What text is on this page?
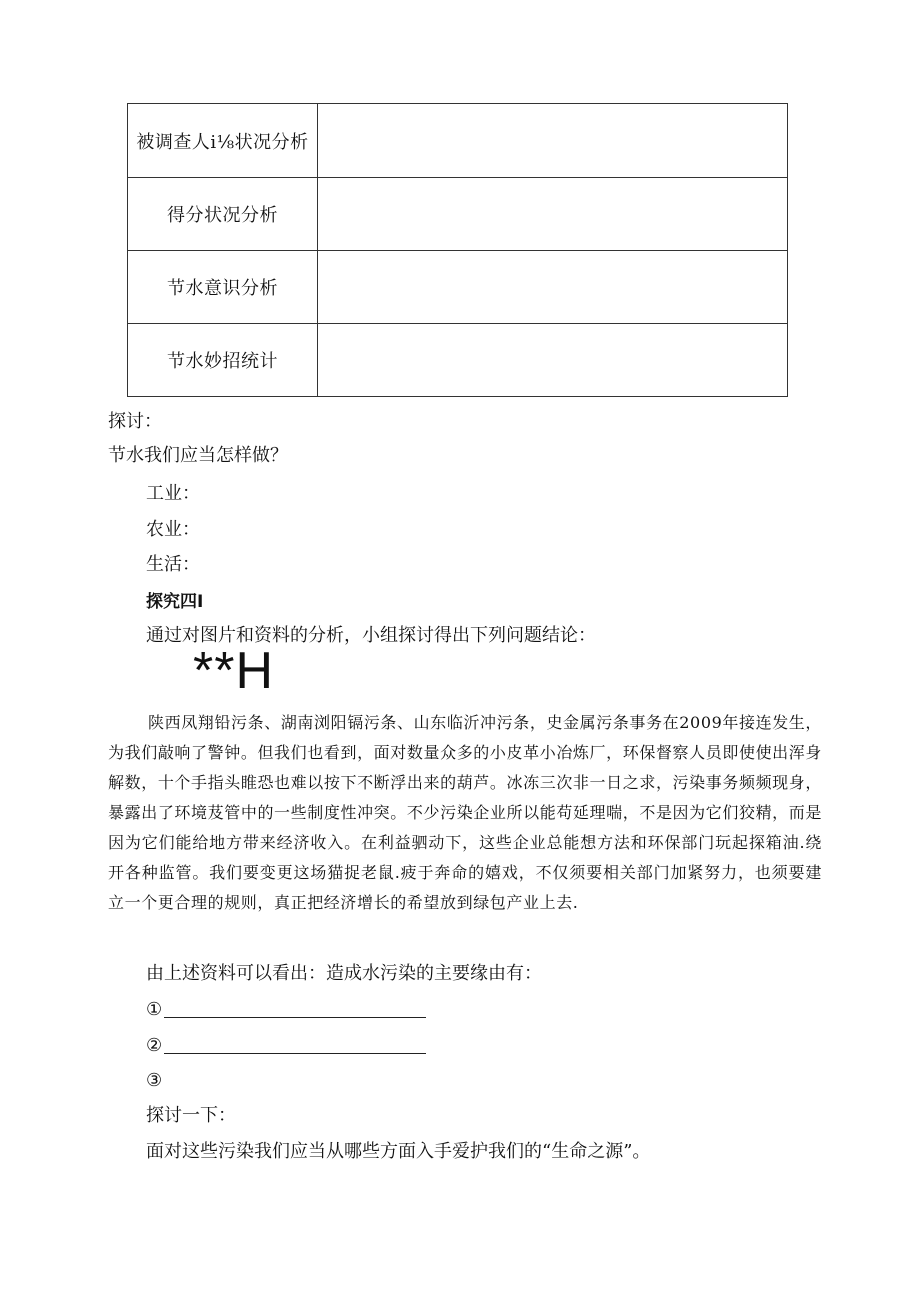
被调查人i⅛状况分析
得分状况分析
节水意识分析
节水妙招统计
探讨：
节水我们应当怎样做？
工业：
农业：
生活：
探究四I
通过对图片和资料的分析，小组探讨得出下列问题结论：
**H

陕西凤翔铅污条、湖南浏阳镉污条、山东临沂冲污条，史金属污条事务在2009年接连发生，为我们敲响了警钟。但我们也看到，面对数量众多的小皮革小冶炼厂，环保督察人员即使使出浑身解数，十个手指头睢恐也难以按下不断浮出来的葫芦。冰冻三次非一日之求，污染事务频频现身，暴露出了环境芨管中的一些制度性冲突。不少污染企业所以能苟延理喘，不是因为它们狡精，而是因为它们能给地方带来经济收入。在利益驷动下，这些企业总能想方法和环保部门玩起探箱油.绕开各种监管。我们要变更这场猫捉老鼠.疲于奔命的嬉戏，不仅须要相关部门加紧努力，也须要建立一个更合理的规则，真正把经济增长的希望放到绿包产业上去.

由上述资料可以看出：造成水污染的主要缘由有：
①
②
③
探讨一下：
面对这些污染我们应当从哪些方面入手爱护我们的“生命之源”。
